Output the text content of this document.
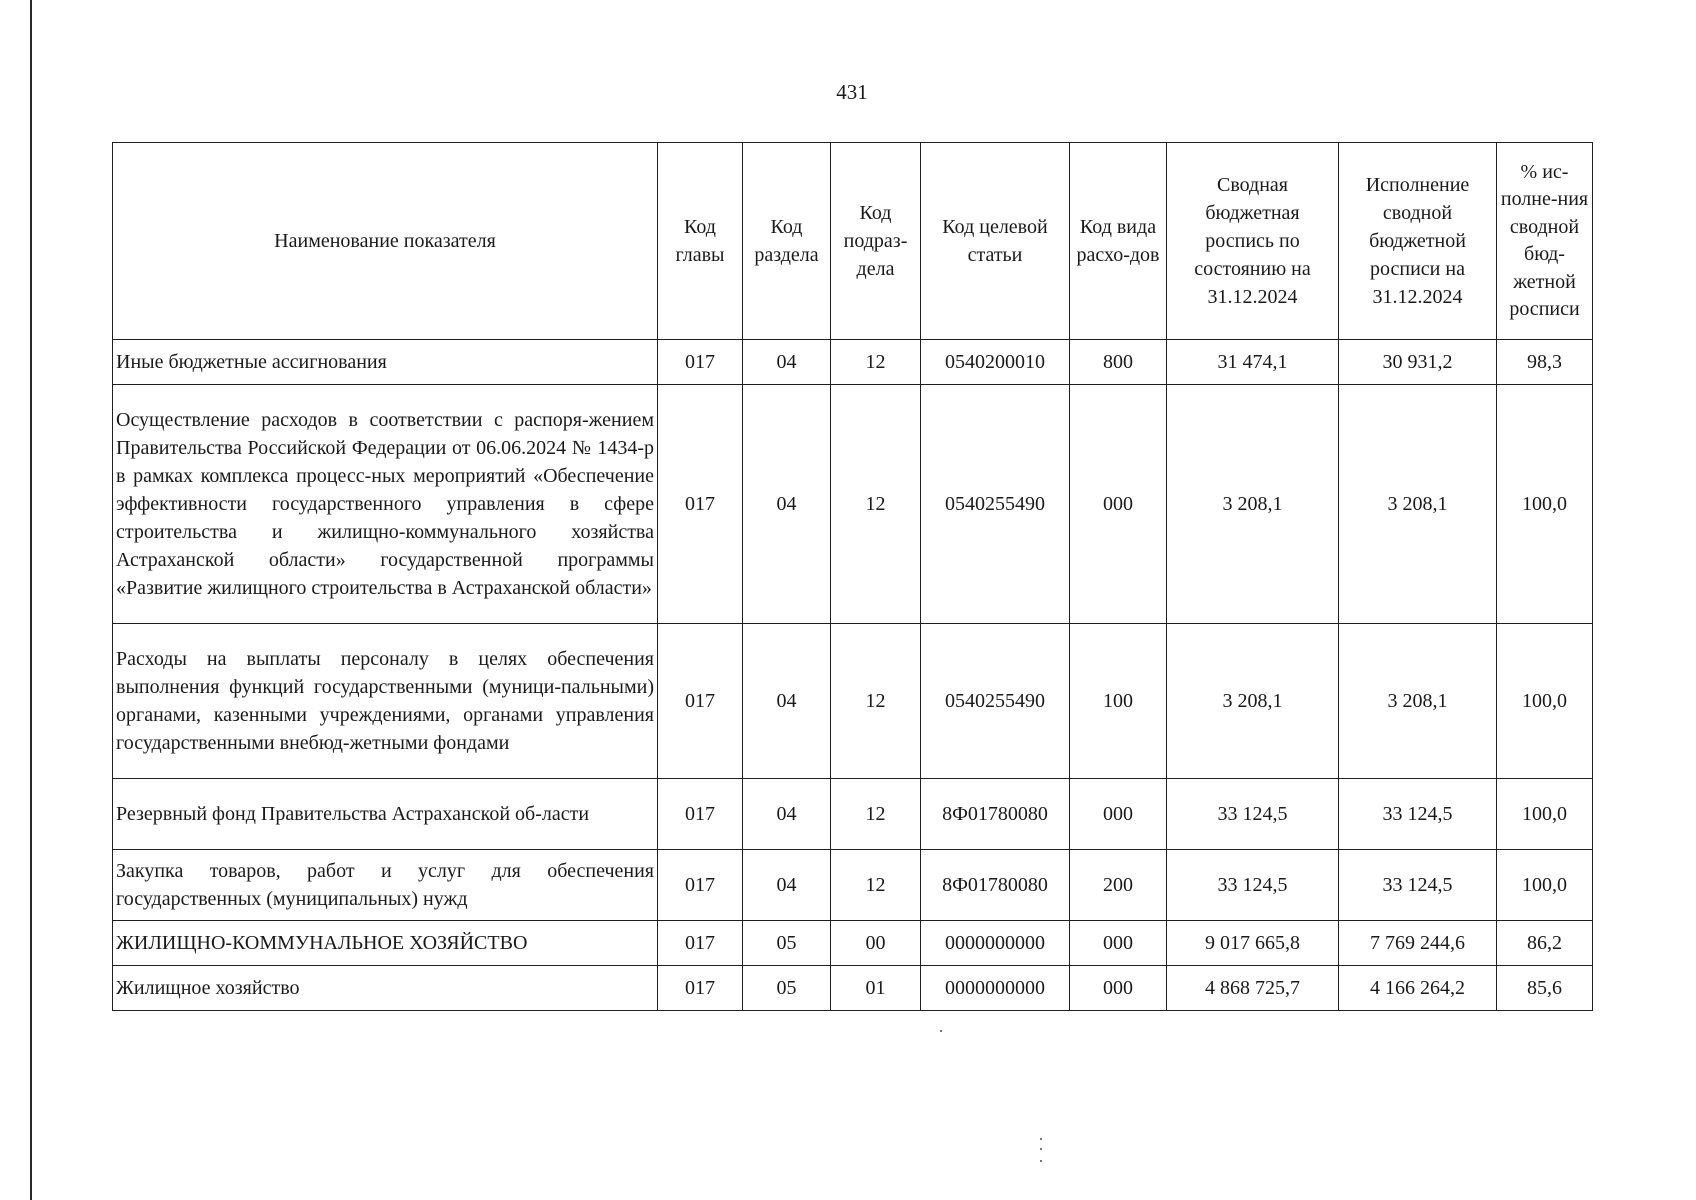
431
Наименование показателя	Код главы	Код раздела	Код подраз-дела	Код целевой статьи	Код вида расхо-дов	Сводная бюджетная роспись по состоянию на 31.12.2024	Исполнение сводной бюджетной росписи на 31.12.2024	% ис-полне-ния сводной бюд-жетной росписи
Иные бюджетные ассигнования	017	04	12	0540200010	800	31 474,1	30 931,2	98,3
Осуществление расходов в соответствии с распоря-жением Правительства Российской Федерации от 06.06.2024 № 1434-р в рамках комплекса процесс-ных мероприятий «Обеспечение эффективности государственного управления в сфере строительства и жилищно-коммунального хозяйства Астраханской области» государственной программы «Развитие жилищного строительства в Астраханской области»	017	04	12	0540255490	000	3 208,1	3 208,1	100,0
Расходы на выплаты персоналу в целях обеспечения выполнения функций государственными (муници-пальными) органами, казенными учреждениями, органами управления государственными внебюд-жетными фондами	017	04	12	0540255490	100	3 208,1	3 208,1	100,0
Резервный фонд Правительства Астраханской об-ласти	017	04	12	8Ф01780080	000	33 124,5	33 124,5	100,0
Закупка товаров, работ и услуг для обеспечения государственных (муниципальных) нужд	017	04	12	8Ф01780080	200	33 124,5	33 124,5	100,0
ЖИЛИЩНО-КОММУНАЛЬНОЕ ХОЗЯЙСТВО	017	05	00	0000000000	000	9 017 665,8	7 769 244,6	86,2
Жилищное хозяйство	017	05	01	0000000000	000	4 868 725,7	4 166 264,2	85,6
